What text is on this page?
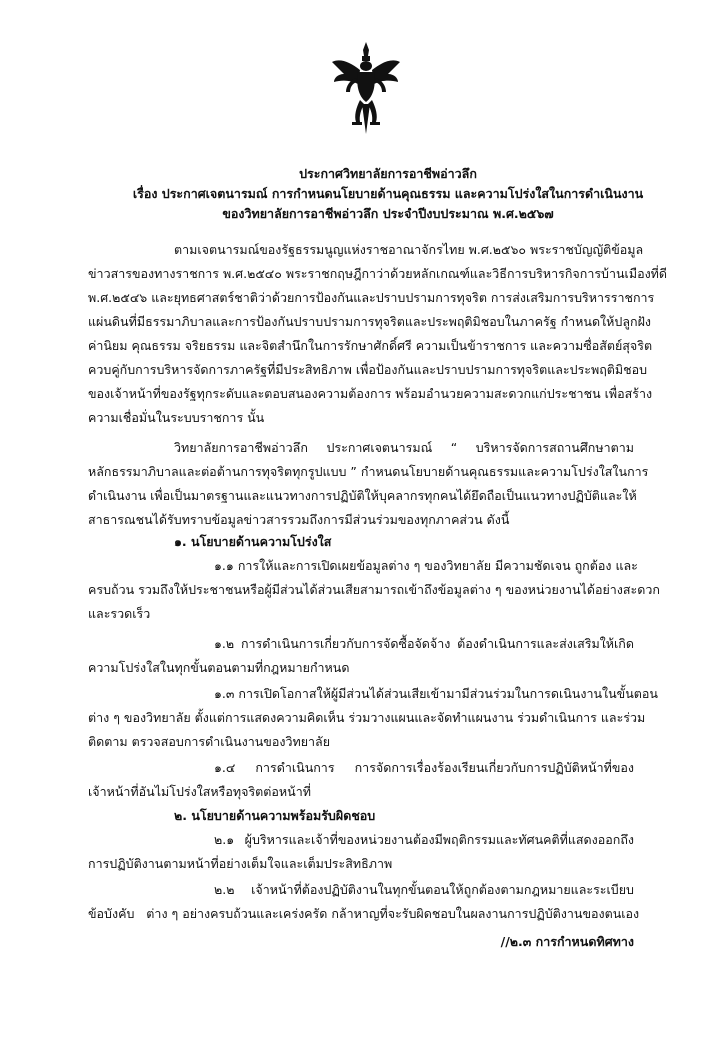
ประกาศวิทยาลัยการอาชีพอ่าวลึก
เรื่อง ประกาศเจตนารมณ์ การกำหนดนโยบายด้านคุณธรรม และความโปร่งใสในการดำเนินงาน
ของวิทยาลัยการอาชีพอ่าวลึก ประจำปีงบประมาณ พ.ศ.๒๕๖๗
ตามเจตนารมณ์ของรัฐธรรมนูญแห่งราชอาณาจักรไทย พ.ศ.๒๕๖๐ พระราชบัญญัติข้อมูล
ข่าวสารของทางราชการ พ.ศ.๒๕๔๐ พระราชกฤษฎีกาว่าด้วยหลักเกณฑ์และวิธีการบริหารกิจการบ้านเมืองที่ดี
พ.ศ.๒๕๔๖ และยุทธศาสตร์ชาติว่าด้วยการป้องกันและปราบปรามการทุจริต การส่งเสริมการบริหารราชการ
แผ่นดินที่มีธรรมาภิบาลและการป้องกันปราบปรามการทุจริตและประพฤติมิชอบในภาครัฐ กำหนดให้ปลูกฝัง
ค่านิยม คุณธรรม จริยธรรม และจิตสำนึกในการรักษาศักดิ์ศรี ความเป็นข้าราชการ และความซื่อสัตย์สุจริต
ควบคู่กับการบริหารจัดการภาครัฐที่มีประสิทธิภาพ เพื่อป้องกันและปราบปรามการทุจริตและประพฤติมิชอบ
ของเจ้าหน้าที่ของรัฐทุกระดับและตอบสนองความต้องการ พร้อมอำนวยความสะดวกแก่ประชาชน เพื่อสร้าง
ความเชื่อมั่นในระบบราชการ นั้น
วิทยาลัยการอาชีพอ่าวลึก ประกาศเจตนารมณ์ “ บริหารจัดการสถานศึกษาตาม
หลักธรรมาภิบาลและต่อต้านการทุจริตทุกรูปแบบ ” กำหนดนโยบายด้านคุณธรรมและความโปร่งใสในการ
ดำเนินงาน เพื่อเป็นมาตรฐานและแนวทางการปฏิบัติให้บุคลากรทุกคนได้ยึดถือเป็นแนวทางปฏิบัติและให้
สาธารณชนได้รับทราบข้อมูลข่าวสารรวมถึงการมีส่วนร่วมของทุกภาคส่วน ดังนี้
๑. นโยบายด้านความโปร่งใส
๑.๑ การให้และการเปิดเผยข้อมูลต่าง ๆ ของวิทยาลัย มีความชัดเจน ถูกต้อง และ
ครบถ้วน รวมถึงให้ประชาชนหรือผู้มีส่วนได้ส่วนเสียสามารถเข้าถึงข้อมูลต่าง ๆ ของหน่วยงานได้อย่างสะดวก
และรวดเร็ว
๑.๒ การดำเนินการเกี่ยวกับการจัดซื้อจัดจ้าง ต้องดำเนินการและส่งเสริมให้เกิด
ความโปร่งใสในทุกขั้นตอนตามที่กฎหมายกำหนด
๑.๓ การเปิดโอกาสให้ผู้มีส่วนได้ส่วนเสียเข้ามามีส่วนร่วมในการดเนินงานในขั้นตอน
ต่าง ๆ ของวิทยาลัย ตั้งแต่การแสดงความคิดเห็น ร่วมวางแผนและจัดทำแผนงาน ร่วมดำเนินการ และร่วม
ติดตาม ตรวจสอบการดำเนินงานของวิทยาลัย
๑.๔ การดำเนินการ การจัดการเรื่องร้องเรียนเกี่ยวกับการปฏิบัติหน้าที่ของ
เจ้าหน้าที่อันไม่โปร่งใสหรือทุจริตต่อหน้าที่
๒. นโยบายด้านความพร้อมรับผิดชอบ
๒.๑ ผู้บริหารและเจ้าที่ของหน่วยงานต้องมีพฤติกรรมและทัศนคติที่แสดงออกถึง
การปฏิบัติงานตามหน้าที่อย่างเต็มใจและเต็มประสิทธิภาพ
๒.๒ เจ้าหน้าที่ต้องปฏิบัติงานในทุกขั้นตอนให้ถูกต้องตามกฎหมายและระเบียบ
ข้อบังคับ   ต่าง ๆ อย่างครบถ้วนและเคร่งครัด กล้าหาญที่จะรับผิดชอบในผลงานการปฏิบัติงานของตนเอง
//๒.๓ การกำหนดทิศทาง
